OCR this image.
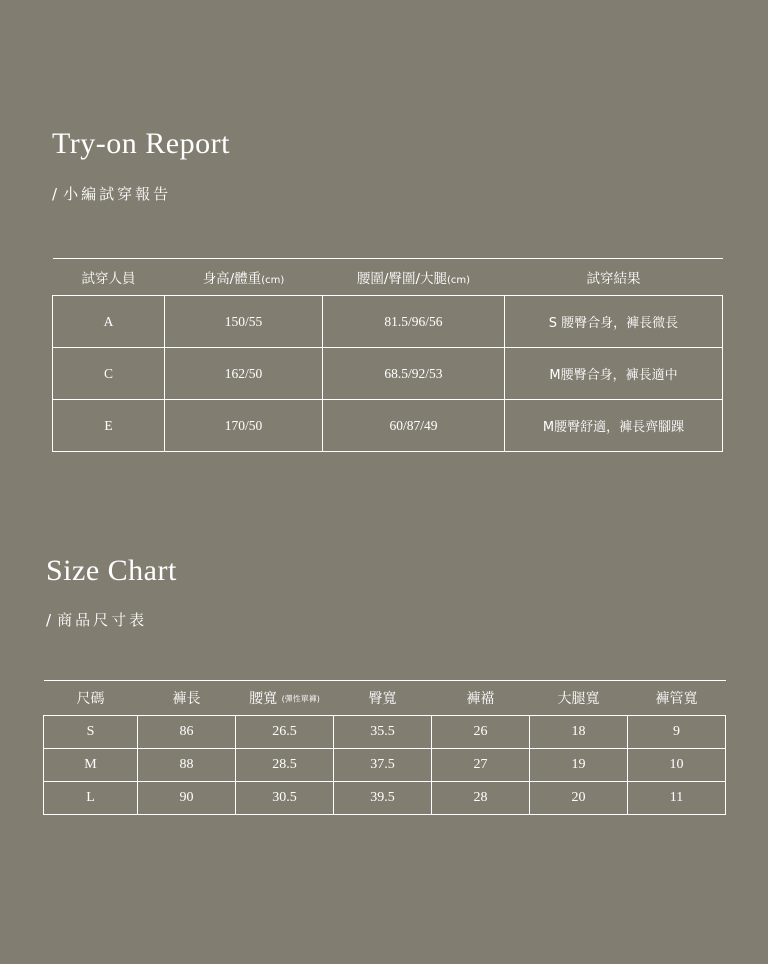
Try-on Report
/ 小編試穿報告
試穿人員	身高/體重(cm)	腰圍/臀圍/大腿(cm)	試穿結果
A	150/55	81.5/96/56	S 腰臀合身，褲長微長
C	162/50	68.5/92/53	M腰臀合身，褲長適中
E	170/50	60/87/49	M腰臀舒適，褲長齊腳踝
Size Chart
/ 商品尺寸表
尺碼	褲長	腰寬 (彈性單褲)	臀寬	褲襠	大腿寬	褲管寬
S	86	26.5	35.5	26	18	9
M	88	28.5	37.5	27	19	10
L	90	30.5	39.5	28	20	11
